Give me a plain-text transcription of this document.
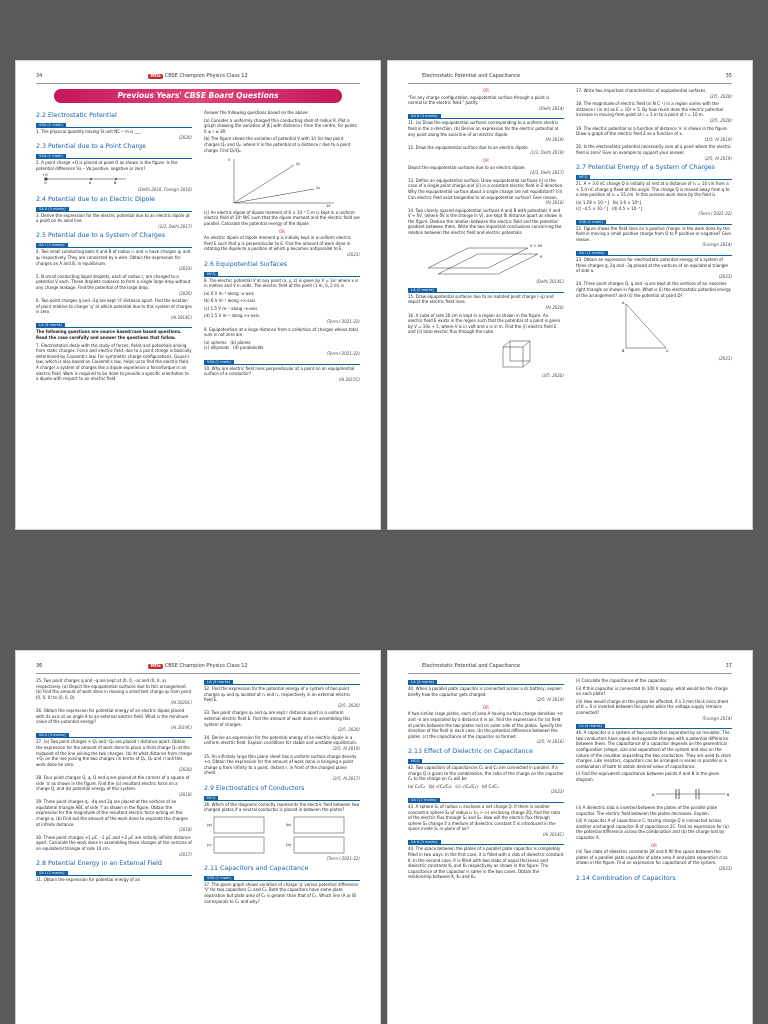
34	MtG CBSE Champion Physics Class 12
Previous Years' CBSE Board Questions
2.2 Electrostatic Potential
VSA (1 mark)
1. The physical quantity having SI unit NC⁻¹ m is ___
(2020)
2.3 Potential due to a Point Charge
VSA (1 mark)
2. A point charge +Q is placed at point O as shown in the figure. Is the potential difference Vᴀ – Vʙ positive, negative or zero?
+Q
O	A	B
(Delhi 2016, Foreign 2016)
2.4 Potential due to an Electric Dipole
SA II (3 marks)
3. Derive the expression for the electric potential due to an electric dipole at a point on its axial line.
(2/3, Delhi 2017)
2.5 Potential due to a System of Charges
SA I (2 marks)
4. Two small conducting balls A and B of radius r₁ and r₂ have charges q₁ and q₂ respectively. They are connected by a wire. Obtain the expression for charges on A and B, in equilibrium.
(2023)
5. N small conducting liquid droplets, each of radius r, are charged to a potential V each. These droplets coalesce to form a single large drop without any charge leakage. Find the potential of the large drop.
(2020)
6. Two point charges q and –2q are kept 'd' distance apart. Find the location of point relative to charge 'q' at which potential due to this system of charges is zero.
(AI 2014C)
LA (4 marks)
The following questions are source based/case based questions. Read the case carefully and answer the questions that follow.
7. Electrostatics deals with the study of forces, fields and potentials arising from static charges. Force and electric field, due to a point charge is basically determined by Coulomb's law. For symmetric charge configurations, Gauss's law, which is also based on Coulomb's law, helps us to find the electric field. A charge/ a system of charges like a dipole experience a force/torque in an electric field. Work is required to be done to provide a specific orientation to a dipole with respect to an electric field.
Answer the following questions based on the above:
(a) Consider a uniformly charged thin conducting shell of radius R. Plot a graph showing the variation of |E| with distance r from the centre, for points 0 ≤ r ≤ 3R.
(b) The figure shows the variation of potential V with 1/r for two point charges Q₁ and Q₂, where V is the potential at a distance r due to a point charge. Find Q₁/Q₂.
Q₁
Q₂
V
1/r
(c) An electric dipole of dipole moment of 6 × 10⁻⁶ C·m is kept in a uniform electric field of 10³ N/C such that the dipole moment and the electric field are parallel. Calculate the potential energy of the dipole.
OR
An electric dipole of dipole moment p is initially kept in a uniform electric field E such that p is perpendicular to E. Find the amount of work done in rotating the dipole to a position at which p becomes antiparallel to E.
(2023)
2.6 Equipotential Surfaces
MCQ
8. The electric potential V at any point (x, y, z) is given by V = 3x² where x is in metres and V in volts. The electric field at the point (1 m, 0, 2 m) is
(a) 6 V m⁻¹ along –x-axis
(b) 6 V m⁻¹ along +x-axis
(c) 1.5 V m⁻¹ along –x-axis
(d) 1.5 V m⁻¹ along +x-axis.
(Term I 2021-22)
9. Equipotentials at a large distance from a collection of charges whose total sum is not zero are
(a) spheres (b) planes
(c) ellipsoids (d) paraboloids
(Term I 2021-22)
VSA (1 mark)
10. Why are electric field lines perpendicular at a point on an equipotential surface of a conductor?
(AI 2015C)
Electrostatic Potential and Capacitance	35
OR
"For any charge configuration, equipotential surface through a point is normal to the electric field." Justify.
(Delhi 2014)
SA II (3 marks)
11. (a) Draw the equipotential surfaces corresponding to a uniform electric field in the z-direction. (b) Derive an expression for the electric potential at any point along the axial line of an electric dipole.
(AI 2019)
12. Draw the equipotential surface due to an electric dipole.
(1/3, Delhi 2019)
OR
Depict the equipotential surfaces due to an electric dipole.
(2/3, Delhi 2017)
13. Define an equipotential surface. Draw equipotential surfaces (i) in the case of a single point charge and (ii) in a constant electric field in Z-direction. Why the equipotential surface about a single charge are not equidistant? (iii) Can electric field exist tangential to an equipotential surface? Give reason.
(AI 2016)
14. Two closely spaced equipotential surfaces A and B with potentials V and V + δV, (where δV is the change in V), are kept δl distance apart as shown in the figure. Deduce the relation between the electric field and the potential gradient between them. Write the two important conclusions concerning the relation between the electric field and electric potentials.
V + δV
V
(Delhi 2014C)
LA (5 marks)
15. Draw equipotential surfaces due to an isolated point charge (–q) and depict the electric field lines.
(AI 2020)
16. A cube of side 20 cm is kept in a region as shown in the figure. An electric field E exists in the region such that the potential at a point is given by V = 10x + 5, where V is in volt and x is in m. Find the (i) electric field E and (ii) total electric flux through the cube.
(3/5, 2020)
17. Write two important characteristics of equipotential surfaces.
(2/5, 2020)
18. The magnitude of electric field (in N C⁻¹) in a region varies with the distance r (in m) as E = 10r + 5. By how much does the electric potential increase in moving from point at r = 1 m to a point at r = 10 m.
(2/5, 2020)
19. The electric potential as a function of distance 'x' is shown in the figure. Draw a graph of the electric field E as a function of x.
(1/5, AI 2019)
20. Is the electrostatic potential necessarily zero at a point where the electric field is zero? Give an example to support your answer.
(2/5, AI 2019)
2.7 Potential Energy of a System of Charges
MCQ
21. A + 3.0 nC charge Q is initially at rest at a distance of r₁ = 10 cm from a + 5.0 nC charge q fixed at the origin. The charge Q is moved away from q to a new position at r₂ = 15 cm. In this process work done by the field is
(a) 1.29 × 10⁻⁵ J (b) 3.6 × 10⁵ J
(c) –4.5 × 10⁻⁷ J (d) 4.5 × 10⁻⁷ J
(Term I 2021-22)
VSA (1 mark)
22. Figure shows the field lines on a positive charge. Is the work done by the field in moving a small positive charge from Q to P positive or negative? Give reason.
(Foreign 2014)
SA I (2 marks)
23. Obtain an expression for electrostatic potential energy of a system of three charges q, 2q and –3q placed at the vertices of an equilateral triangle of side a.
(2023)
24. Three point charges Q, q and –q are kept at the vertices of an isosceles right triangle as shown in figure. What is (i) the electrostatic potential energy of the arrangement? and (ii) the potential at point D?
A
B	C
(2023)
36	MtG CBSE Champion Physics Class 12
25. Two point charges q and –q are kept at (0, 0, –a) and (0, 0, a) respectively. (a) Depict the equipotential surfaces due to this arrangement. (b) Find the amount of work done in moving a small test charge q₀ from point (0, 0, 0) to (0, 0, 0).
(AI 2020C)
26. Obtain the expression for potential energy of an electric dipole placed with its axis at an angle θ to an external electric field. What is the minimum value of the potential energy?
(AI 2019C)
SA II (3 marks)
27. (a) Two point charges + Q₁ and –Q₂ are placed r distance apart. Obtain the expression for the amount of work done to place a third charge Q₃ at the midpoint of the line joining the two charges. (b) At what distance from charge +Q₁ on the line joining the two charges (in terms of Q₁, Q₂ and r) will this work done be zero.
(2020)
28. Four point charges Q, q, Q and q are placed at the corners of a square of side 'a' as shown in the figure. Find the (a) resultant electric force on a charge Q, and (b) potential energy of this system.
(2018)
29. Three point charges q, –4q and 2q are placed at the vertices of an equilateral triangle ABC of side 'l' as shown in the figure. Obtain the expression for the magnitude of the resultant electric force acting on the charge q. (b) Find out the amount of the work done to separate the charges at infinite distance.
(2018)
30. Three point charges +1 μC, –1 μC and +2 μC are initially infinite distance apart. Calculate the work done in assembling these charges at the vertices of an equilateral triangle of side 10 cm.
(2017)
2.8 Potential Energy in an External Field
SA I (2 marks)
31. Obtain the expression for potential energy of an
LA (5 marks)
32. Find the expression for the potential energy of a system of two point charges q₁ and q₂ located at r₁ and r₂, respectively in an external electric field E.
(2/5, 2020)
33. Two point charges q₁ and q₂ are kept r distance apart in a uniform external electric field E. Find the amount of work done in assembling this system of charges.
(2/5, 2020)
34. Derive an expression for the potential energy of an electric dipole in a uniform electric field. Explain conditions for stable and unstable equilibrium.
(3/5, AI 2019)
35. An infinitely large thin plane sheet has a uniform surface charge density +σ. Obtain the expression for the amount of work done in bringing a point charge q from infinity to a point, distant r, in front of the charged plane sheet.
(3/5, AI 2017)
2.9 Electrostatics of Conductors
MCQ
36. Which of the diagrams correctly represents the electric field between two charged plates if a neutral conductor is placed in between the plates?
(a)	(b)
(c)	(d)
(Term I 2021-22)
2.11 Capacitors and Capacitance
VSA (1 mark)
37. The given graph shows variation of charge 'q' versus potential difference 'V' for two capacitors C₁ and C₂. Both the capacitors have same plate separation but plate area of C₂ is greater than that of C₁. Which line (A or B) corresponds to C₁ and why?
Electrostatic Potential and Capacitance	37
LA (5 marks)
40. When a parallel plate capacitor is connected across a dc battery, explain briefly how the capacitor gets charged.
(2/5, AI 2019)
OR
If two similar large plates, each of area A having surface charge densities +σ and –σ are separated by a distance d in air, find the expressions for (a) field at points between the two plates and on outer side of the plates. Specify the direction of the field in each case. (b) the potential difference between the plates. (c) the capacitance of the capacitor so formed.
(3/5, AI 2016)
2.13 Effect of Dielectric on Capacitance
MCQ
42. Two capacitors of capacitances C₁ and C₂ are connected in parallel. If a charge Q is given to the combination, the ratio of the charge on the capacitor C₁ to the charge on C₂ will be
(a) C₁/C₂ (b) √(C₁/C₂) (c) √(C₂/C₁) (d) C₂/C₁
(2023)
SA I (2 marks)
43. A sphere S₁ of radius r₁ encloses a net charge Q. If there is another concentric sphere S₂ of radius r₂ (r₂ > r₁) enclosing charge 2Q, find the ratio of the electric flux through S₁ and S₂. How will the electric flux through sphere S₁ change if a medium of dielectric constant 5 is introduced in the space inside S₁ in place of air?
(AI 2014C)
SA II (3 marks)
44. The space between the plates of a parallel plate capacitor is completely filled in two ways. In the first case, it is filled with a slab of dielectric constant K. In the second case, it is filled with two slabs of equal thickness and dielectric constants K₁ and K₂ respectively as shown in the figure. The capacitance of the capacitor is same in the two cases. Obtain the relationship between K, K₁ and K₂.
(i) Calculate the capacitance of the capacitor.
(ii) If this capacitor is connected to 100 V supply, what would be the charge on each plate?
(iii) How would charge on the plates be affected, if a 3 mm thick mica sheet of K = 6 is inserted between the plates while the voltage supply remains connected?
(Foreign 2014)
LA (4 marks)
46. A capacitor is a system of two conductors separated by an insulator. The two conductors have equal and opposite charges with a potential difference between them. The capacitance of a capacitor depends on the geometrical configuration (shape, size and separation) of the system and also on the nature of the insulator separating the two conductors. They are used to store charges. Like resistors, capacitors can be arranged in series or parallel or a combination of both to obtain desired value of capacitance.
(i) Find the equivalent capacitance between points A and B in the given diagram.
A	B
(ii) A dielectric slab is inserted between the plates of the parallel plate capacitor. The electric field between the plates decreases. Explain.
(iii) A capacitor A of capacitance C, having charge Q is connected across another uncharged capacitor B of capacitance 2C. Find an expression for (a) the potential difference across the combination and (b) the charge lost by capacitor A.
OR
(iii) Two slabs of dielectric constants 2K and K fill the space between the plates of a parallel plate capacitor of plate area A and plate separation d as shown in the figure. Find an expression for capacitance of the system.
(2023)
2.14 Combination of Capacitors
